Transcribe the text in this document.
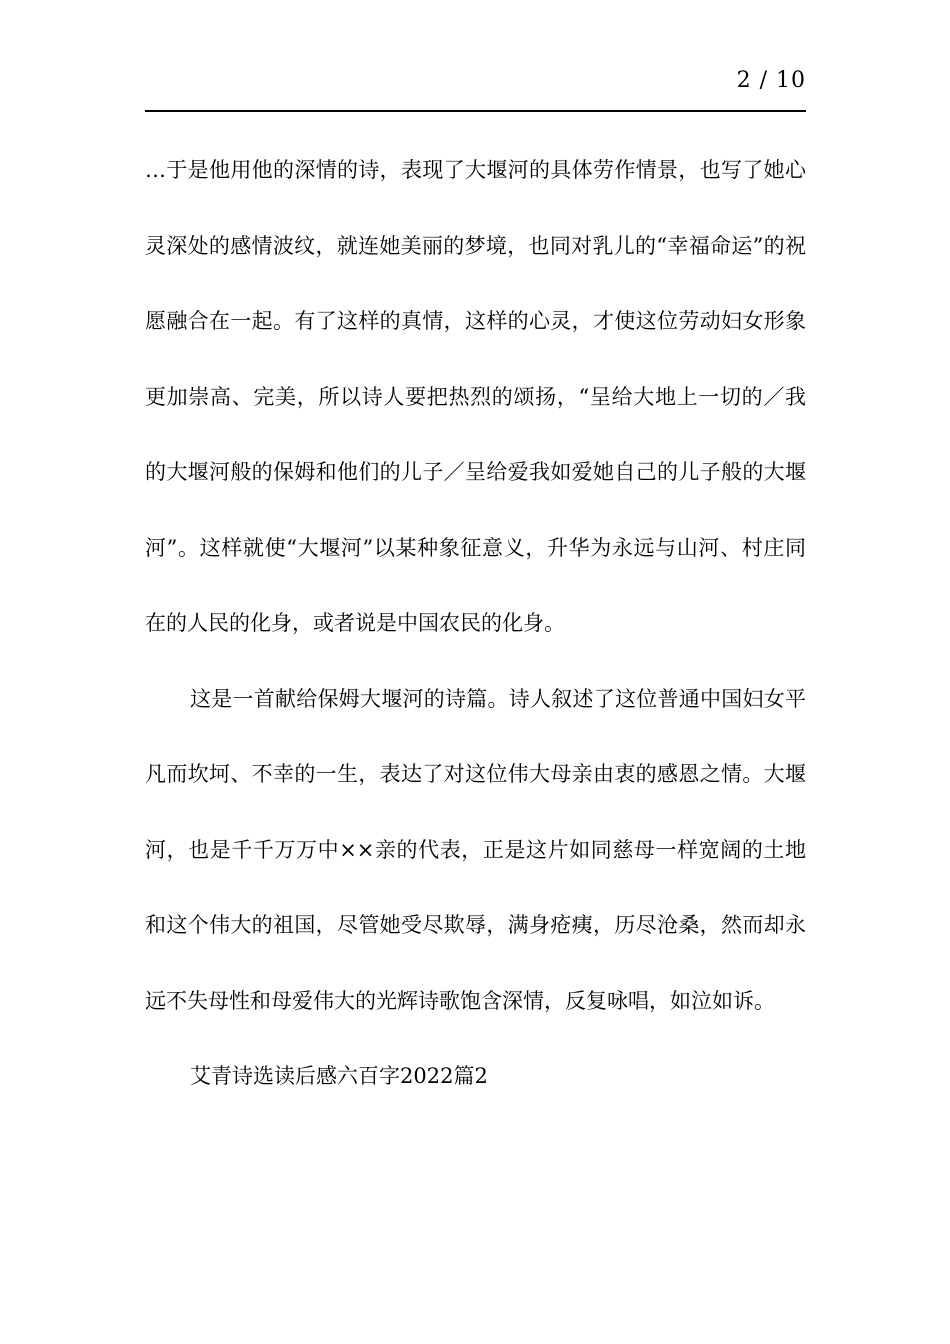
2 / 10

…于是他用他的深情的诗，表现了大堰河的具体劳作情景，也写了她心灵深处的感情波纹，就连她美丽的梦境，也同对乳儿的“幸福命运”的祝愿融合在一起。有了这样的真情，这样的心灵，才使这位劳动妇女形象更加崇高、完美，所以诗人要把热烈的颂扬，“呈给大地上一切的／我的大堰河般的保姆和他们的儿子／呈给爱我如爱她自己的儿子般的大堰河”。这样就使“大堰河”以某种象征意义，升华为永远与山河、村庄同在的人民的化身，或者说是中国农民的化身。

这是一首献给保姆大堰河的诗篇。诗人叙述了这位普通中国妇女平凡而坎坷、不幸的一生，表达了对这位伟大母亲由衷的感恩之情。大堰河，也是千千万万中××亲的代表，正是这片如同慈母一样宽阔的土地和这个伟大的祖国，尽管她受尽欺辱，满身疮痍，历尽沧桑，然而却永远不失母性和母爱伟大的光辉诗歌饱含深情，反复咏唱，如泣如诉。

艾青诗选读后感六百字2022篇2
